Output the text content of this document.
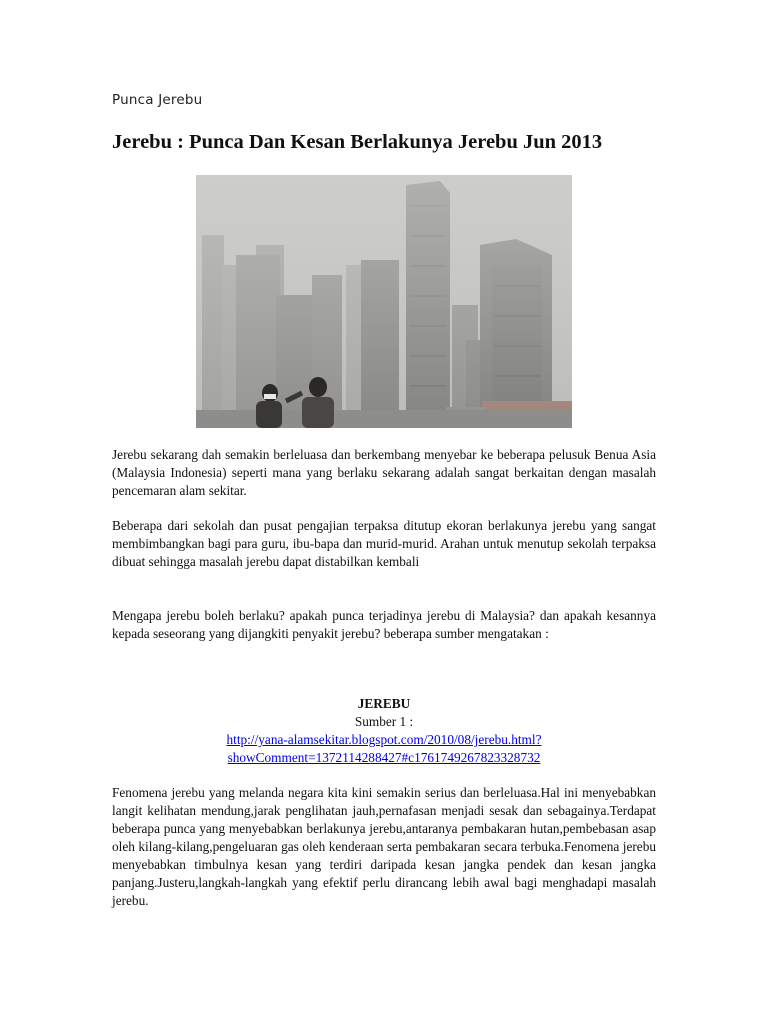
Punca Jerebu
Jerebu : Punca Dan Kesan Berlakunya Jerebu Jun 2013

Jerebu sekarang dah semakin berleluasa dan berkembang menyebar ke beberapa pelusuk Benua Asia (Malaysia Indonesia) seperti mana yang berlaku sekarang adalah sangat berkaitan dengan masalah pencemaran alam sekitar.

Beberapa dari sekolah dan pusat pengajian terpaksa ditutup ekoran berlakunya jerebu yang sangat membimbangkan bagi para guru, ibu-bapa dan murid-murid. Arahan untuk menutup sekolah terpaksa dibuat sehingga masalah jerebu dapat distabilkan kembali

Mengapa jerebu boleh berlaku? apakah punca terjadinya jerebu di Malaysia? dan apakah kesannya kepada seseorang yang dijangkiti penyakit jerebu? beberapa sumber mengatakan :

JEREBU
Sumber 1 :
http://yana-alamsekitar.blogspot.com/2010/08/jerebu.html?
showComment=1372114288427#c1761749267823328732

Fenomena jerebu yang melanda negara kita kini semakin serius dan berleluasa.Hal ini menyebabkan langit kelihatan mendung,jarak penglihatan jauh,pernafasan menjadi sesak dan sebagainya.Terdapat beberapa punca yang menyebabkan berlakunya jerebu,antaranya pembakaran hutan,pembebasan asap oleh kilang-kilang,pengeluaran gas oleh kenderaan serta pembakaran secara terbuka.Fenomena jerebu menyebabkan timbulnya kesan yang terdiri daripada kesan jangka pendek dan kesan jangka panjang.Justeru,langkah-langkah yang efektif perlu dirancang lebih awal bagi menghadapi masalah jerebu.
